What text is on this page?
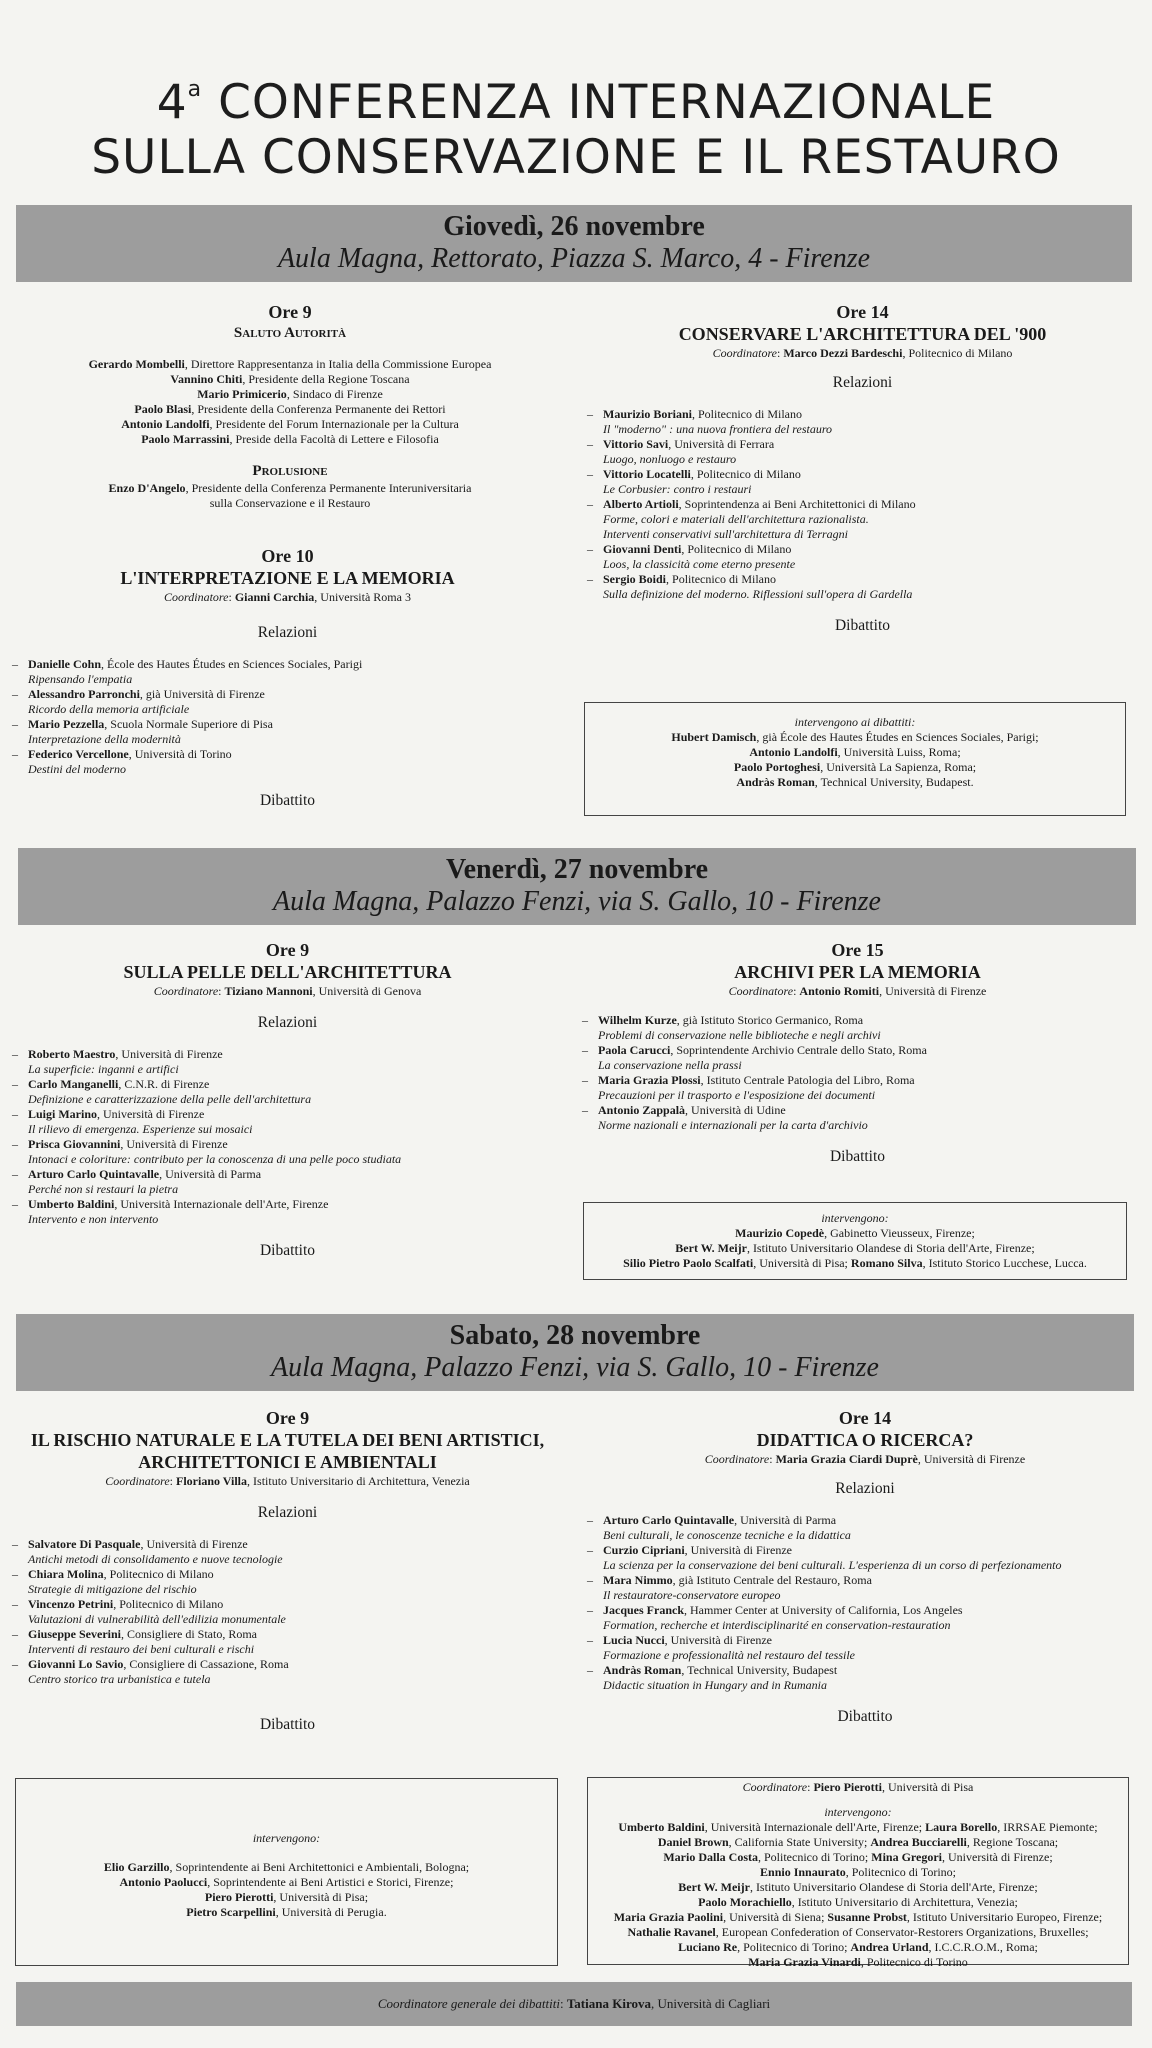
4$^a$ CONFERENZA INTERNAZIONALE
SULLA CONSERVAZIONE E IL RESTAURO
Giovedì, 26 novembre
Aula Magna, Rettorato, Piazza S. Marco, 4 - Firenze
Ore 9
Saluto Autorità
Gerardo Mombelli, Direttore Rappresentanza in Italia della Commissione Europea
Vannino Chiti, Presidente della Regione Toscana
Mario Primicerio, Sindaco di Firenze
Paolo Blasi, Presidente della Conferenza Permanente dei Rettori
Antonio Landolfi, Presidente del Forum Internazionale per la Cultura
Paolo Marrassini, Preside della Facoltà di Lettere e Filosofia
Prolusione
Enzo D'Angelo, Presidente della Conferenza Permanente Interuniversitaria
sulla Conservazione e il Restauro
Ore 10
L'INTERPRETAZIONE E LA MEMORIA
Coordinatore: Gianni Carchia, Università Roma 3
Relazioni
– Danielle Cohn, École des Hautes Études en Sciences Sociales, Parigi
Ripensando l'empatia
– Alessandro Parronchi, già Università di Firenze
Ricordo della memoria artificiale
– Mario Pezzella, Scuola Normale Superiore di Pisa
Interpretazione della modernità
– Federico Vercellone, Università di Torino
Destini del moderno
Dibattito
Ore 14
CONSERVARE L'ARCHITETTURA DEL '900
Coordinatore: Marco Dezzi Bardeschi, Politecnico di Milano
Relazioni
– Maurizio Boriani, Politecnico di Milano
Il "moderno" : una nuova frontiera del restauro
– Vittorio Savi, Università di Ferrara
Luogo, nonluogo e restauro
– Vittorio Locatelli, Politecnico di Milano
Le Corbusier: contro i restauri
– Alberto Artioli, Soprintendenza ai Beni Architettonici di Milano
Forme, colori e materiali dell'architettura razionalista.
Interventi conservativi sull'architettura di Terragni
– Giovanni Denti, Politecnico di Milano
Loos, la classicità come eterno presente
– Sergio Boidi, Politecnico di Milano
Sulla definizione del moderno. Riflessioni sull'opera di Gardella
Dibattito
intervengono ai dibattiti:
Hubert Damisch, già École des Hautes Études en Sciences Sociales, Parigi;
Antonio Landolfi, Università Luiss, Roma;
Paolo Portoghesi, Università La Sapienza, Roma;
Andràs Roman, Technical University, Budapest.
Venerdì, 27 novembre
Aula Magna, Palazzo Fenzi, via S. Gallo, 10 - Firenze
Ore 9
SULLA PELLE DELL'ARCHITETTURA
Coordinatore: Tiziano Mannoni, Università di Genova
Relazioni
– Roberto Maestro, Università di Firenze
La superficie: inganni e artifici
– Carlo Manganelli, C.N.R. di Firenze
Definizione e caratterizzazione della pelle dell'architettura
– Luigi Marino, Università di Firenze
Il rilievo di emergenza. Esperienze sui mosaici
– Prisca Giovannini, Università di Firenze
Intonaci e coloriture: contributo per la conoscenza di una pelle poco studiata
– Arturo Carlo Quintavalle, Università di Parma
Perché non si restauri la pietra
– Umberto Baldini, Università Internazionale dell'Arte, Firenze
Intervento e non intervento
Dibattito
Ore 15
ARCHIVI PER LA MEMORIA
Coordinatore: Antonio Romiti, Università di Firenze
– Wilhelm Kurze, già Istituto Storico Germanico, Roma
Problemi di conservazione nelle biblioteche e negli archivi
– Paola Carucci, Soprintendente Archivio Centrale dello Stato, Roma
La conservazione nella prassi
– Maria Grazia Plossi, Istituto Centrale Patologia del Libro, Roma
Precauzioni per il trasporto e l'esposizione dei documenti
– Antonio Zappalà, Università di Udine
Norme nazionali e internazionali per la carta d'archivio
Dibattito
intervengono:
Maurizio Copedè, Gabinetto Vieusseux, Firenze;
Bert W. Meijr, Istituto Universitario Olandese di Storia dell'Arte, Firenze;
Silio Pietro Paolo Scalfati, Università di Pisa; Romano Silva, Istituto Storico Lucchese, Lucca.
Sabato, 28 novembre
Aula Magna, Palazzo Fenzi, via S. Gallo, 10 - Firenze
Ore 9
IL RISCHIO NATURALE E LA TUTELA DEI BENI ARTISTICI,
ARCHITETTONICI E AMBIENTALI
Coordinatore: Floriano Villa, Istituto Universitario di Architettura, Venezia
Relazioni
– Salvatore Di Pasquale, Università di Firenze
Antichi metodi di consolidamento e nuove tecnologie
– Chiara Molina, Politecnico di Milano
Strategie di mitigazione del rischio
– Vincenzo Petrini, Politecnico di Milano
Valutazioni di vulnerabilità dell'edilizia monumentale
– Giuseppe Severini, Consigliere di Stato, Roma
Interventi di restauro dei beni culturali e rischi
– Giovanni Lo Savio, Consigliere di Cassazione, Roma
Centro storico tra urbanistica e tutela
Dibattito
intervengono:
Elio Garzillo, Soprintendente ai Beni Architettonici e Ambientali, Bologna;
Antonio Paolucci, Soprintendente ai Beni Artistici e Storici, Firenze;
Piero Pierotti, Università di Pisa;
Pietro Scarpellini, Università di Perugia.
Ore 14
DIDATTICA O RICERCA?
Coordinatore: Maria Grazia Ciardi Duprè, Università di Firenze
Relazioni
– Arturo Carlo Quintavalle, Università di Parma
Beni culturali, le conoscenze tecniche e la didattica
– Curzio Cipriani, Università di Firenze
La scienza per la conservazione dei beni culturali. L'esperienza di un corso di perfezionamento
– Mara Nimmo, già Istituto Centrale del Restauro, Roma
Il restauratore-conservatore europeo
– Jacques Franck, Hammer Center at University of California, Los Angeles
Formation, recherche et interdisciplinarité en conservation-restauration
– Lucia Nucci, Università di Firenze
Formazione e professionalità nel restauro del tessile
– Andràs Roman, Technical University, Budapest
Didactic situation in Hungary and in Rumania
Dibattito
Coordinatore: Piero Pierotti, Università di Pisa
intervengono:
Umberto Baldini, Università Internazionale dell'Arte, Firenze; Laura Borello, IRRSAE Piemonte;
Daniel Brown, California State University; Andrea Bucciarelli, Regione Toscana;
Mario Dalla Costa, Politecnico di Torino; Mina Gregori, Università di Firenze;
Ennio Innaurato, Politecnico di Torino;
Bert W. Meijr, Istituto Universitario Olandese di Storia dell'Arte, Firenze;
Paolo Morachiello, Istituto Universitario di Architettura, Venezia;
Maria Grazia Paolini, Università di Siena; Susanne Probst, Istituto Universitario Europeo, Firenze;
Nathalie Ravanel, European Confederation of Conservator-Restorers Organizations, Bruxelles;
Luciano Re, Politecnico di Torino; Andrea Urland, I.C.C.R.O.M., Roma;
Maria Grazia Vinardi, Politecnico di Torino
Coordinatore generale dei dibattiti: Tatiana Kirova, Università di Cagliari
